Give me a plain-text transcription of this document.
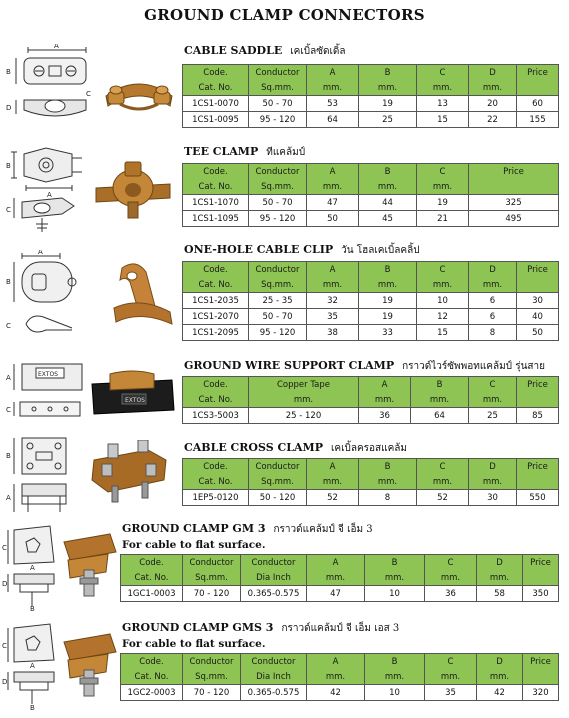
GROUND CLAMP CONNECTORS
A
B
C
D
CABLE SADDLE เคเบิ้ลซัดเดิ้ล
Code.	Conductor	A	B	C	D	Price
Cat. No.	Sq.mm.	mm.	mm.	mm.	mm.	
1CS1-0070	50 - 70	53	19	13	20	60
1CS1-0095	95 - 120	64	25	15	22	155
B
A
C
TEE CLAMP ทีแคล้มป์
Code.	Conductor	A	B	C	Price
Cat. No.	Sq.mm.	mm.	mm.	mm.	
1CS1-1070	50 - 70	47	44	19	325
1CS1-1095	95 - 120	50	45	21	495
A
B
C
ONE-HOLE CABLE CLIP วัน โฮลเคเบิ้ลคลิ้ป
Code.	Conductor	A	B	C	D	Price
Cat. No.	Sq.mm.	mm.	mm.	mm.	mm.	
1CS1-2035	25 - 35	32	19	10	6	30
1CS1-2070	50 - 70	35	19	12	6	40
1CS1-2095	95 - 120	38	33	15	8	50
EXTOS
A
C
EXTOS
GROUND WIRE SUPPORT CLAMP กราวด์ไวร์ซัพพอทแคล้มป์ รุ่นสาย
Code.	Copper Tape	A	B	C	Price
Cat. No.	mm.	mm.	mm.	mm.	
1CS3-5003	25 - 120	36	64	25	85
B
A
CABLE CROSS CLAMP เคเบิ้ลครอสแคล้ม
Code.	Conductor	A	B	C	D	Price
Cat. No.	Sq.mm.	mm.	mm.	mm.	mm.	
1EP5-0120	50 - 120	52	8	52	30	550
C
A
D
B
GROUND CLAMP GM 3 กราวด์แคล้มป์ จี เอ็ม 3
For cable to flat surface.
Code.	Conductor	Conductor	A	B	C	D	Price
Cat. No.	Sq.mm.	Dia Inch	mm.	mm.	mm.	mm.	
1GC1-0003	70 - 120	0.365-0.575	47	10	36	58	350
C
A
D
B
GROUND CLAMP GMS 3 กราวด์แคล้มป์ จี เอ็ม เอส 3
For cable to flat surface.
Code.	Conductor	Conductor	A	B	C	D	Price
Cat. No.	Sq.mm.	Dia Inch	mm.	mm.	mm.	mm.	
1GC2-0003	70 - 120	0.365-0.575	42	10	35	42	320
